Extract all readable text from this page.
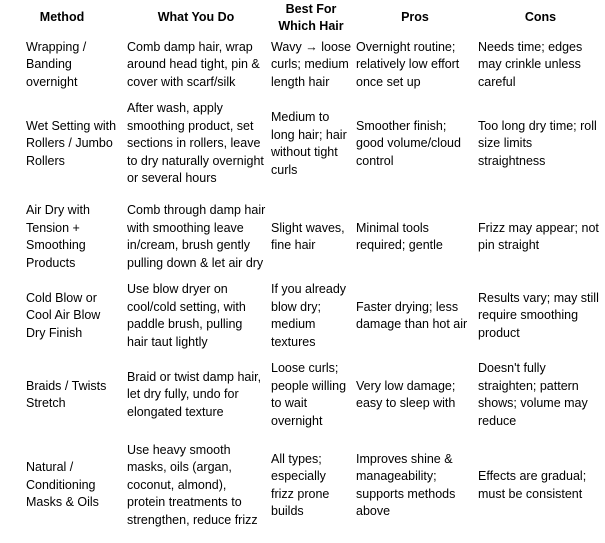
Method	What You Do	Best For Which Hair	Pros	Cons
Wrapping / Banding overnight	Comb damp hair, wrap around head tight, pin & cover with scarf/silk	Wavy → loose curls; medium length hair	Overnight routine; relatively low effort once set up	Needs time; edges may crinkle unless careful
Wet Setting with Rollers / Jumbo Rollers	After wash, apply smoothing product, set sections in rollers, leave to dry naturally overnight or several hours	Medium to long hair; hair without tight curls	Smoother finish; good volume/cloud control	Too long dry time; roll size limits straightness
Air Dry with Tension + Smoothing Products	Comb through damp hair with smoothing leave in/cream, brush gently pulling down & let air dry	Slight waves, fine hair	Minimal tools required; gentle	Frizz may appear; not pin straight
Cold Blow or Cool Air Blow Dry Finish	Use blow dryer on cool/cold setting, with paddle brush, pulling hair taut lightly	If you already blow dry; medium textures	Faster drying; less damage than hot air	Results vary; may still require smoothing product
Braids / Twists Stretch	Braid or twist damp hair, let dry fully, undo for elongated texture	Loose curls; people willing to wait overnight	Very low damage; easy to sleep with	Doesn't fully straighten; pattern shows; volume may reduce
Natural / Conditioning Masks & Oils	Use heavy smooth masks, oils (argan, coconut, almond), protein treatments to strengthen, reduce frizz	All types; especially frizz prone builds	Improves shine & manageability; supports methods above	Effects are gradual; must be consistent
